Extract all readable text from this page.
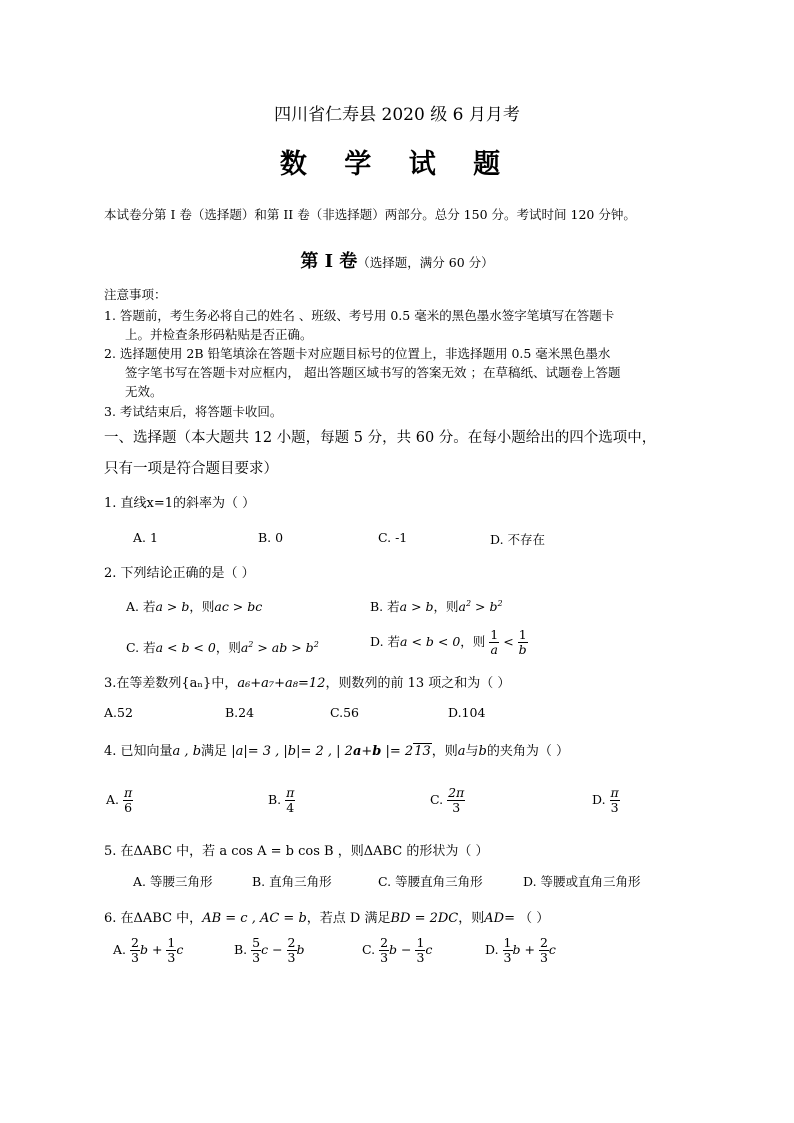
四川省仁寿县 2020 级 6 月月考
数 学 试 题
本试卷分第 I 卷（选择题）和第 II 卷（非选择题）两部分。总分 150 分。考试时间 120 分钟。
第 I 卷（选择题，满分 60 分）
注意事项：
1. 答题前，考生务必将自己的姓名 、班级、考号用 0.5 毫米的黑色墨水签字笔填写在答题卡
上。并检查条形码粘贴是否正确。
2. 选择题使用 2B 铅笔填涂在答题卡对应题目标号的位置上，非选择题用 0.5 毫米黑色墨水
签字笔书写在答题卡对应框内， 超出答题区域书写的答案无效 ；在草稿纸、试题卷上答题
无效。
3. 考试结束后，将答题卡收回。
一、选择题（本大题共 12 小题，每题 5 分，共 60 分。在每小题给出的四个选项中，
只有一项是符合题目要求）
1. 直线x=1的斜率为（ ）
A. 1	B. 0	C. -1	D. 不存在
2. 下列结论正确的是（ ）
A. 若a > b，则ac > bc	B. 若a > b，则$a^2 > b^2$
C. 若a < b < 0，则$a^2$ > ab > $b^2$	D. 若a < b < 0，则 $\frac{1}{a} < \frac{1}{b}$
3.在等差数列{aₙ}中，a₆+a₇+a₈=12，则数列的前 13 项之和为（ ）
A.52	B.24	C.56	D.104
4. 已知向量a , b满足 |a|= 3 , |b|= 2 , | 2a+b |= 213，则a与b的夹角为（ ）
A. $\frac{\pi}{6}$	B. $\frac{\pi}{4}$	C. $\frac{2\pi}{3}$	D. $\frac{\pi}{3}$
5. 在ΔABC 中，若 a cos A = b cos B ，则ΔABC 的形状为（ ）
A. 等腰三角形	B. 直角三角形	C. 等腰直角三角形	D. 等腰或直角三角形
6. 在ΔABC 中，AB = c , AC = b，若点 D 满足BD = 2DC，则AD= （ ）
A. $\frac{2}{3}$ $b + \frac{1}{3}$ c	B. $\frac{5}{3}$ $c - \frac{2}{3}$ b	C. $\frac{2}{3}$ $b - \frac{1}{3}$ c	D. $\frac{1}{3}$ $b + \frac{2}{3}$ c
